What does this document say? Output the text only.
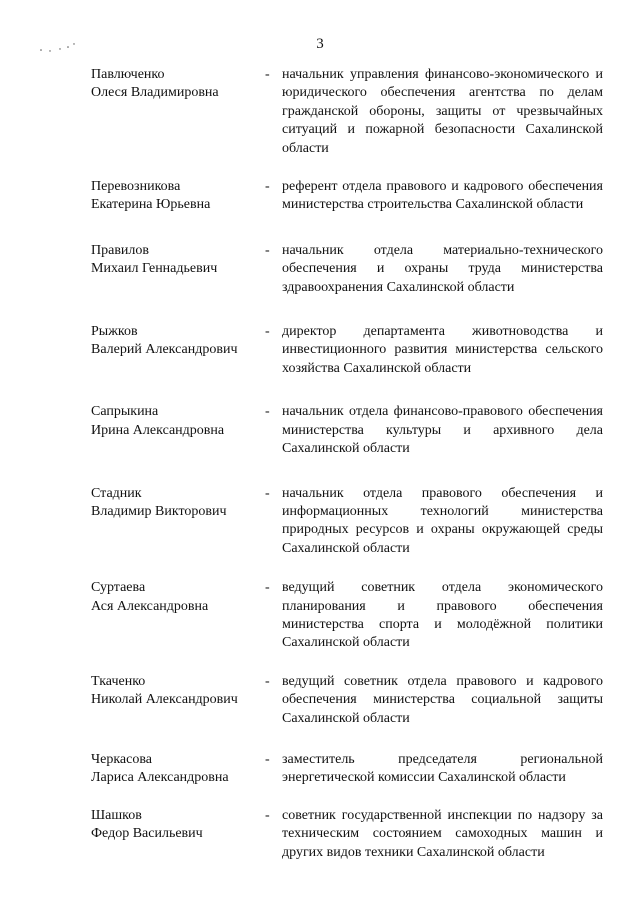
3
Павлюченко
Олеся Владимировна
- начальник управления финансово-экономического и юридического обеспечения агентства по делам гражданской обороны, защиты от чрезвычайных ситуаций и пожарной безопасности Сахалинской области
Перевозникова
Екатерина Юрьевна
- референт отдела правового и кадрового обеспечения министерства строительства Сахалинской области
Правилов
Михаил Геннадьевич
- начальник отдела материально-технического обеспечения и охраны труда министерства здравоохранения Сахалинской области
Рыжков
Валерий Александрович
- директор департамента животноводства и инвестиционного развития министерства сельского хозяйства Сахалинской области
Сапрыкина
Ирина Александровна
- начальник отдела финансово-правового обеспечения министерства культуры и архивного дела Сахалинской области
Стадник
Владимир Викторович
- начальник отдела правового обеспечения и информационных технологий министерства природных ресурсов и охраны окружающей среды Сахалинской области
Суртаева
Ася Александровна
- ведущий советник отдела экономического планирования и правового обеспечения министерства спорта и молодёжной политики Сахалинской области
Ткаченко
Николай Александрович
- ведущий советник отдела правового и кадрового обеспечения министерства социальной защиты Сахалинской области
Черкасова
Лариса Александровна
- заместитель председателя региональной энергетической комиссии Сахалинской области
Шашков
Федор Васильевич
- советник государственной инспекции по надзору за техническим состоянием самоходных машин и других видов техники Сахалинской области
